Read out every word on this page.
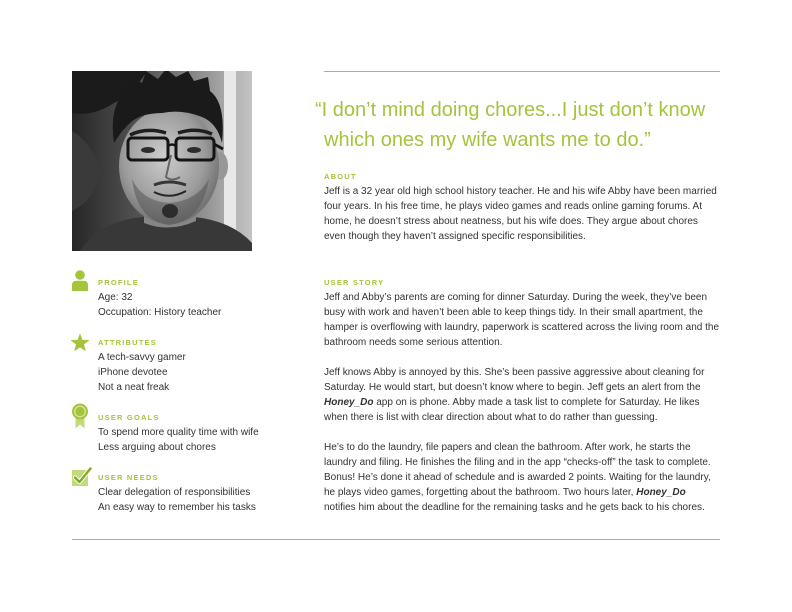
“I don’t mind doing chores...I just don’t know
which ones my wife wants me to do.”
ABOUT
Jeff is a 32 year old high school history teacher. He and his wife Abby have been married
four years. In his free time, he plays video games and reads online gaming forums. At
home, he doesn’t stress about neatness, but his wife does. They argue about chores
even though they haven’t assigned specific responsibilities.
USER STORY
Jeff and Abby’s parents are coming for dinner Saturday. During the week, they’ve been
busy with work and haven’t been able to keep things tidy. In their small apartment, the
hamper is overflowing with laundry, paperwork is scattered across the living room and the
bathroom needs some serious attention.
Jeff knows Abby is annoyed by this. She’s been passive aggressive about cleaning for
Saturday. He would start, but doesn’t know where to begin. Jeff gets an alert from the
Honey_Do app on is phone. Abby made a task list to complete for Saturday. He likes
when there is list with clear direction about what to do rather than guessing.
He’s to do the laundry, file papers and clean the bathroom. After work, he starts the
laundry and filing. He finishes the filing and in the app “checks-off” the task to complete.
Bonus! He’s done it ahead of schedule and is awarded 2 points. Waiting for the laundry,
he plays video games, forgetting about the bathroom. Two hours later, Honey_Do
notifies him about the deadline for the remaining tasks and he gets back to his chores.
PROFILE
Age: 32
Occupation: History teacher
ATTRIBUTES
A tech-savvy gamer
iPhone devotee
Not a neat freak
USER GOALS
To spend more quality time with wife
Less arguing about chores
USER NEEDS
Clear delegation of responsibilities
An easy way to remember his tasks
